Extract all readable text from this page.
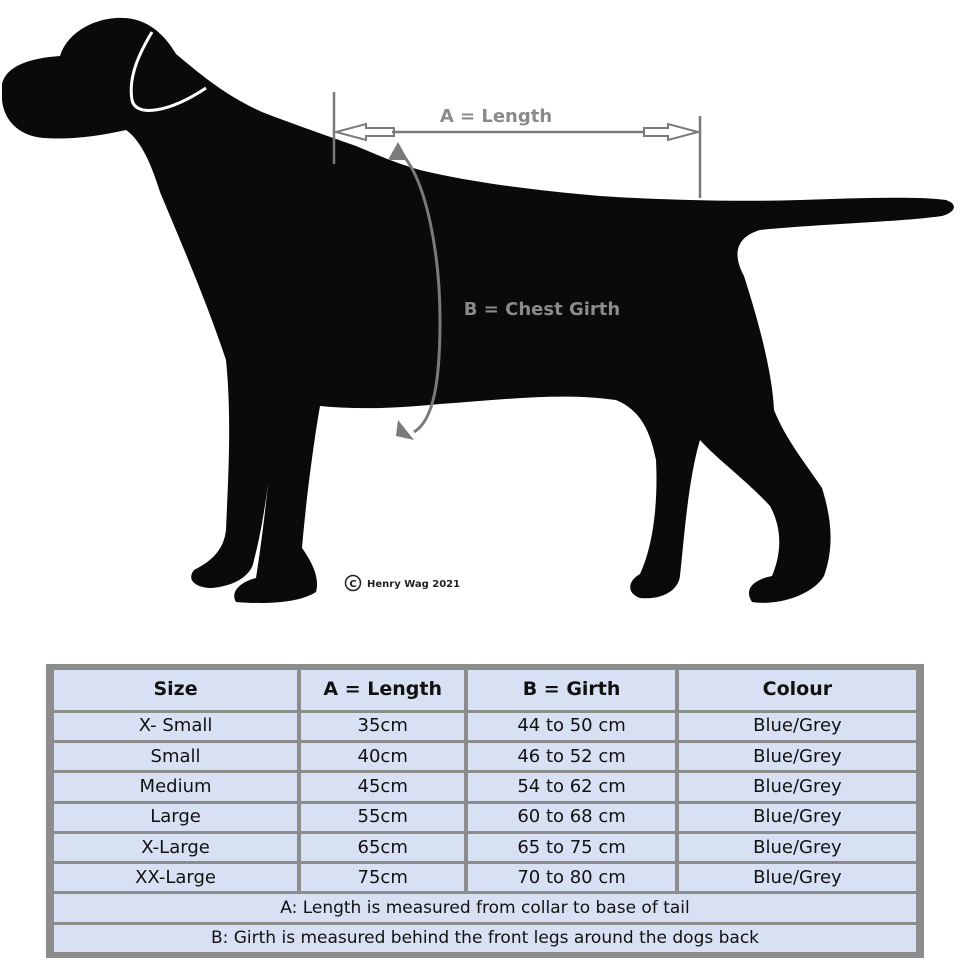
A = Length
B = Chest Girth
C Henry Wag 2021
Size	A = Length	B = Girth	Colour
X- Small	35cm	44 to 50 cm	Blue/Grey
Small	40cm	46 to 52 cm	Blue/Grey
Medium	45cm	54 to 62 cm	Blue/Grey
Large	55cm	60 to 68 cm	Blue/Grey
X-Large	65cm	65 to 75 cm	Blue/Grey
XX-Large	75cm	70 to 80 cm	Blue/Grey
A: Length is measured from collar to base of tail			
B: Girth is measured behind the front legs around the dogs back			
